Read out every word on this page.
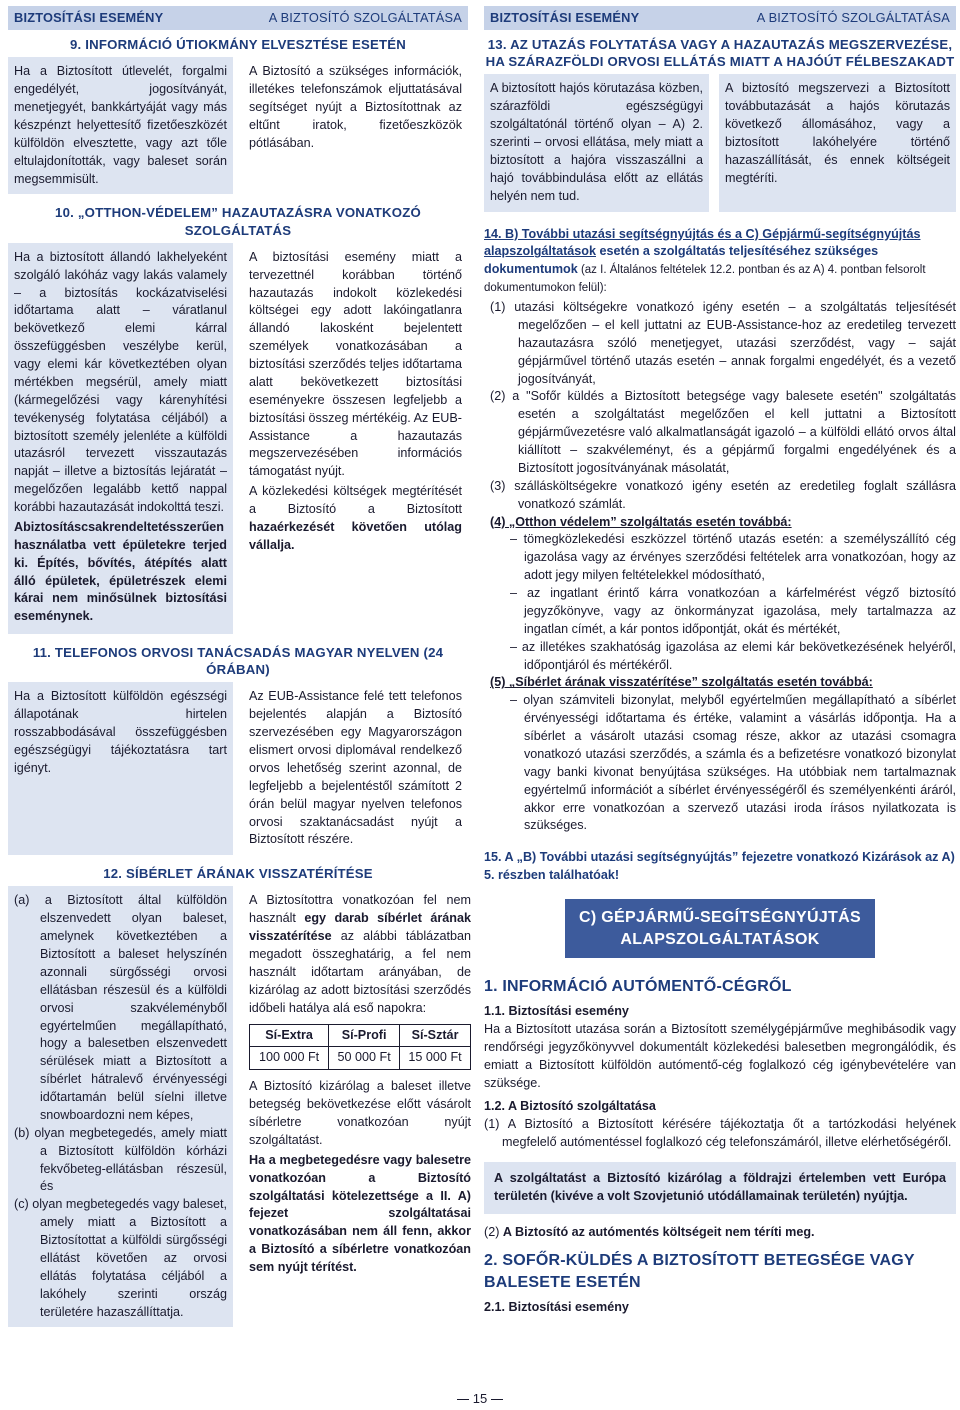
BIZTOSÍTÁSI ESEMÉNY	A BIZTOSÍTÓ SZOLGÁLTATÁSA
9. INFORMÁCIÓ ÚTIOKMÁNY ELVESZTÉSE ESETÉN
Ha a Biztosított útlevelét, forgalmi engedélyét, jogosítványát, menetjegyét, bankkártyáját vagy más készpénzt helyettesítő fizetőeszközét külföldön elvesztette, vagy azt tőle eltulajdonították, vagy baleset során megsemmisült.
A Biztosító a szükséges információk, illetékes telefonszámok eljuttatásával segítséget nyújt a Biztosítottnak az eltűnt iratok, fizetőeszközök pótlásában.
10. „OTTHON-VÉDELEM” HAZAUTAZÁSRA VONATKOZÓ SZOLGÁLTATÁS

Ha a biztosított állandó lakhelyeként szolgáló lakóház vagy lakás valamely – a biztosítás kockázatviselési időtartama alatt – váratlanul bekövetkező elemi kárral összefüggésben veszélybe kerül, vagy elemi kár következtében olyan mértékben megsérül, amely miatt (kármegelőzési vagy kárenyhítési tevékenység folytatása céljából) a biztosított személy jelenléte a külföldi utazásról tervezett visszautazás napját – illetve a biztosítás lejáratát – megelőzően legalább kettő nappal korábbi hazautazását indokolttá teszi.

Abiztosításcsakrendeltetésszerűen használatba vett épületekre terjed ki. Építés, bővítés, átépítés alatt álló épületek, épületrészek elemi kárai nem minősülnek biztosítási eseménynek.

A biztosítási esemény miatt a tervezettnél korábban történő hazautazás indokolt közlekedési költségei egy adott lakóingatlanra állandó lakosként bejelentett személyek vonatkozásában a biztosítási szerződés teljes időtartama alatt bekövetkezett biztosítási eseményekre összesen legfeljebb a biztosítási összeg mértékéig. Az EUB-Assistance a hazautazás megszervezésében információs támogatást nyújt.

A közlekedési költségek megtérítését a Biztosító a Biztosított hazaérkezését követően utólag vállalja.

11. TELEFONOS ORVOSI TANÁCSADÁS MAGYAR NYELVEN (24 ÓRÁBAN)
Ha a Biztosított külföldön egészségi állapotának hirtelen rosszabbodásával összefüggésben egészségügyi tájékoztatásra tart igényt.
Az EUB-Assistance felé tett telefonos bejelentés alapján a Biztosító szervezésében egy Magyarországon elismert orvosi diplomával rendelkező orvos lehetőség szerint azonnal, de legfeljebb a bejelentéstől számított 2 órán belül magyar nyelven telefonos orvosi szaktanácsadást nyújt a Biztosított részére.
12. SÍBÉRLET ÁRÁNAK VISSZATÉRÍTÉSE
(a) a Biztosított által külföldön elszenvedett olyan baleset, amelynek következtében a Biztosított a baleset helyszínén azonnali sürgősségi orvosi ellátásban részesül és a külföldi orvosi szakvéleményből egyértelműen megállapítható, hogy a balesetben elszenvedett sérülések miatt a Biztosított a síbérlet hátralevő érvényességi időtartamán belül síelni illetve snowboardozni nem képes,
(b) olyan megbetegedés, amely miatt a Biztosított külföldön kórházi fekvőbeteg-ellátásban részesül, és
(c) olyan megbetegedés vagy baleset, amely miatt a Biztosított a Biztosítottat a külföldi sürgősségi ellátást követően az orvosi ellátás folytatása céljából a lakóhely szerinti ország területére hazaszállíttatja.

A Biztosítottra vonatkozóan fel nem használt egy darab síbérlet árának visszatérítése az alábbi táblázatban megadott összeghatárig, a fel nem használt időtartam arányában, de kizárólag az adott biztosítási szerződés időbeli hatálya alá eső napokra:

Sí-Extra	Sí-Profi	Sí-Sztár
100 000 Ft	50 000 Ft	15 000 Ft

A Biztosító kizárólag a baleset illetve betegség bekövetkezése előtt vásárolt síbérletre vonatkozóan nyújt szolgáltatást.

Ha a megbetegedésre vagy balesetre vonatkozóan a Biztosító szolgáltatási kötelezettsége a II. A) fejezet szolgáltatásai vonatkozásában nem áll fenn, akkor a Biztosító a síbérletre vonatkozóan sem nyújt térítést.

BIZTOSÍTÁSI ESEMÉNY	A BIZTOSÍTÓ SZOLGÁLTATÁSA
13. AZ UTAZÁS FOLYTATÁSA VAGY A HAZAUTAZÁS MEGSZERVEZÉSE, HA SZÁRAZFÖLDI ORVOSI ELLÁTÁS MIATT A HAJÓÚT FÉLBESZAKADT
A biztosított hajós körutazása közben, szárazföldi egészségügyi szolgáltatónál történő olyan – A) 2. szerinti – orvosi ellátása, mely miatt a biztosított a hajóra visszaszállni a hajó továbbindulása előtt az ellátás helyén nem tud.
A biztosító megszervezi a Biztosított továbbutazását a hajós körutazás következő állomásához, vagy a biztosított lakóhelyére történő hazaszállítását, és ennek költségeit megtéríti.

14. B) További utazási segítségnyújtás és a C) Gépjármű-segítségnyújtás alapszolgáltatások esetén a szolgáltatás teljesítéséhez szükséges dokumentumok (az I. Általános feltételek 12.2. pontban és az A) 4. pontban felsorolt dokumentumokon felül):

(1) utazási költségekre vonatkozó igény esetén – a szolgáltatás teljesítését megelőzően – el kell juttatni az EUB-Assistance-hoz az eredetileg tervezett hazautazásra szóló menetjegyet, utazási szerződést, vagy – saját gépjárművel történő utazás esetén – annak forgalmi engedélyét, és a vezető jogosítványát,
(2) a "Sofőr küldés a Biztosított betegsége vagy balesete esetén" szolgáltatás esetén a szolgáltatást megelőzően el kell juttatni a Biztosított gépjárművezetésre való alkalmatlanságát igazoló – a külföldi ellátó orvos által kiállított – szakvéleményt, és a gépjármű forgalmi engedélyének és a Biztosított jogosítványának másolatát,
(3) szállásköltségekre vonatkozó igény esetén az eredetileg foglalt szállásra vonatkozó számlát.
(4) „Otthon védelem” szolgáltatás esetén továbbá:
– tömegközlekedési eszközzel történő utazás esetén: a személyszállító cég igazolása vagy az érvényes szerződési feltételek arra vonatkozóan, hogy az adott jegy milyen feltételekkel módosítható,
– az ingatlant érintő kárra vonatkozóan a kárfelmérést végző biztosító jegyzőkönyve, vagy az önkormányzat igazolása, mely tartalmazza az ingatlan címét, a kár pontos időpontját, okát és mértékét,
– az illetékes szakhatóság igazolása az elemi kár bekövetkezésének helyéről, időpontjáról és mértékéről.
(5) „Síbérlet árának visszatérítése” szolgáltatás esetén továbbá:
– olyan számviteli bizonylat, melyből egyértelműen megállapítható a síbérlet érvényességi időtartama és értéke, valamint a vásárlás időpontja. Ha a síbérlet a vásárolt utazási csomag része, akkor az utazási csomagra vonatkozó utazási szerződés, a számla és a befizetésre vonatkozó bizonylat vagy banki kivonat benyújtása szükséges. Ha utóbbiak nem tartalmaznak egyértelmű információt a síbérlet érvényességéről és személyenkénti áráról, akkor erre vonatkozóan a szervező utazási iroda írásos nyilatkozata is szükséges.

15. A „B) További utazási segítségnyújtás” fejezetre vonatkozó Kizárások az A) 5. részben találhatóak!

C) GÉPJÁRMŰ-SEGÍTSÉGNYÚJTÁS
ALAPSZOLGÁLTATÁSOK
1. INFORMÁCIÓ AUTÓMENTŐ-CÉGRŐL
1.1. Biztosítási esemény

Ha a Biztosított utazása során a Biztosított személygépjárműve meghibásodik vagy rendőrségi jegyzőkönyvvel dokumentált közlekedési balesetben megrongálódik, és emiatt a Biztosított külföldön autómentő-cég foglalkozó cég igénybevételére van szüksége.

1.2. A Biztosító szolgáltatása

(1) A Biztosító a Biztosított kérésére tájékoztatja őt a tartózkodási helyének megfelelő autómentéssel foglalkozó cég telefonszámáról, illetve elérhetőségéről.

A szolgáltatást a Biztosító kizárólag a földrajzi értelemben vett Európa területén (kivéve a volt Szovjetunió utódállamainak területén) nyújtja.

(2) A Biztosító az autómentés költségeit nem téríti meg.

2. SOFŐR-KÜLDÉS A BIZTOSÍTOTT BETEGSÉGE VAGY BALESETE ESETÉN
2.1. Biztosítási esemény
15
